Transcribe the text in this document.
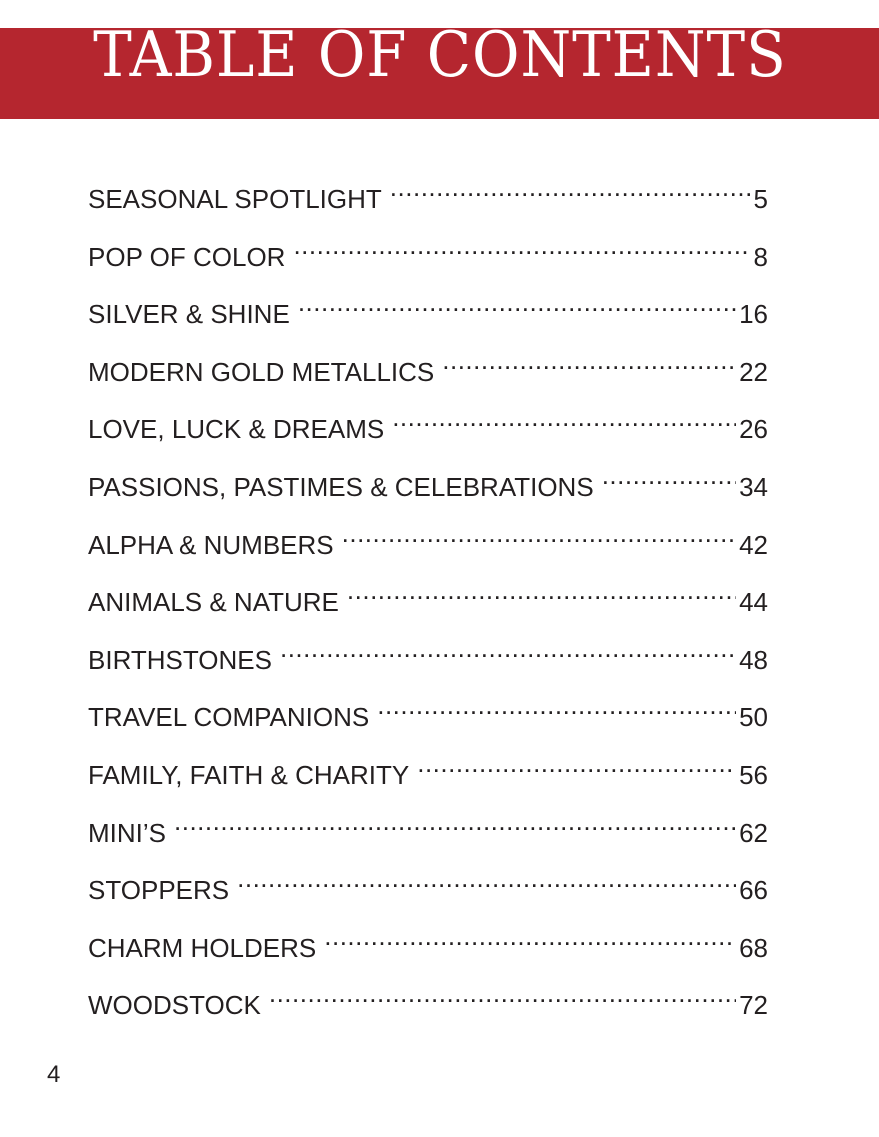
TABLE OF CONTENTS
SEASONAL SPOTLIGHT .....	5
POP OF COLOR .....	8
SILVER & SHINE .....	16
MODERN GOLD METALLICS .....	22
LOVE, LUCK & DREAMS .....	26
PASSIONS, PASTIMES & CELEBRATIONS .....	34
ALPHA & NUMBERS .....	42
ANIMALS & NATURE .....	44
BIRTHSTONES .....	48
TRAVEL COMPANIONS .....	50
FAMILY, FAITH & CHARITY .....	56
MINI’S .....	62
STOPPERS .....	66
CHARM HOLDERS .....	68
WOODSTOCK .....	72
4
